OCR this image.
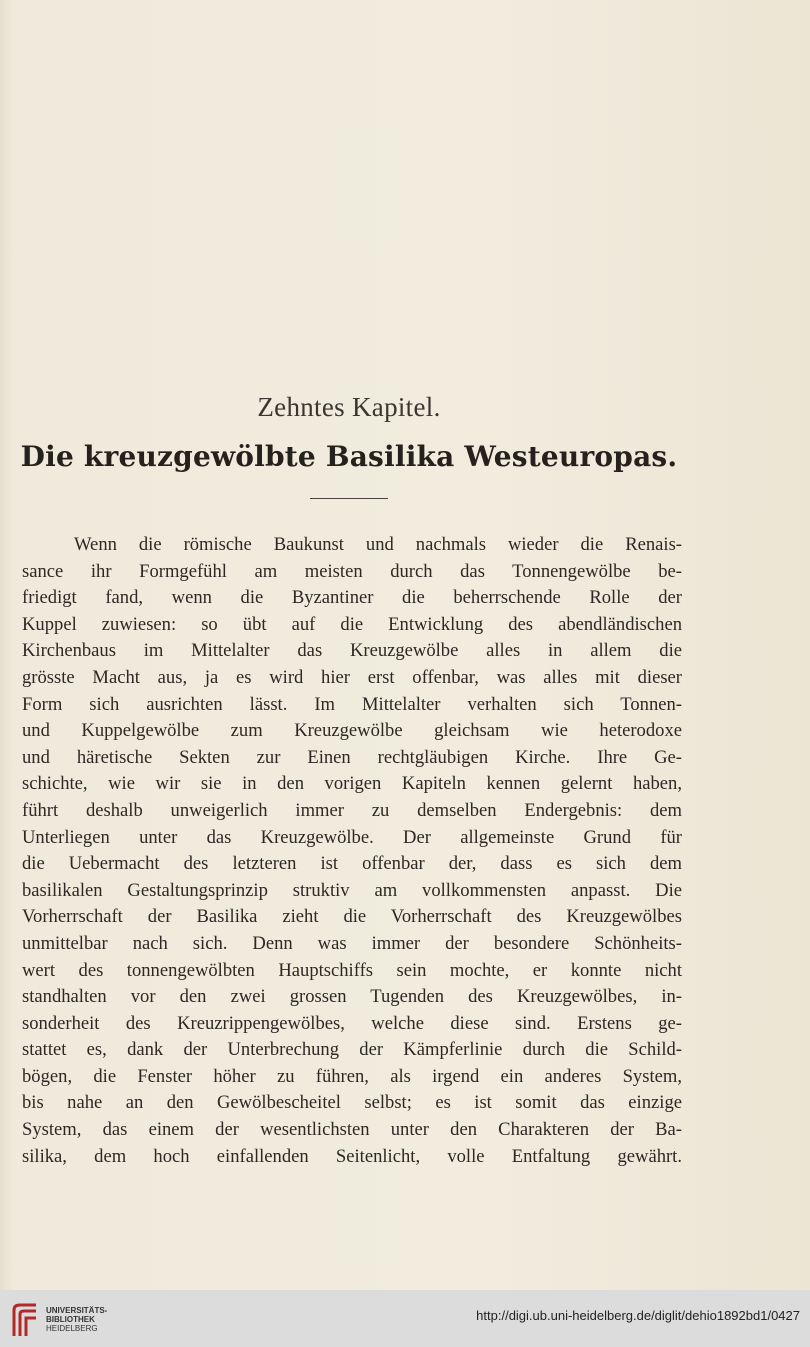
Zehntes Kapitel.
Die kreuzgewölbte Basilika Westeuropas.
Wenn die römische Baukunst und nachmals wieder die Renais-
sance ihr Formgefühl am meisten durch das Tonnengewölbe be-
friedigt fand, wenn die Byzantiner die beherrschende Rolle der
Kuppel zuwiesen: so übt auf die Entwicklung des abendländischen
Kirchenbaus im Mittelalter das Kreuzgewölbe alles in allem die
grösste Macht aus, ja es wird hier erst offenbar, was alles mit dieser
Form sich ausrichten lässt. Im Mittelalter verhalten sich Tonnen-
und Kuppelgewölbe zum Kreuzgewölbe gleichsam wie heterodoxe
und häretische Sekten zur Einen rechtgläubigen Kirche. Ihre Ge-
schichte, wie wir sie in den vorigen Kapiteln kennen gelernt haben,
führt deshalb unweigerlich immer zu demselben Endergebnis: dem
Unterliegen unter das Kreuzgewölbe. Der allgemeinste Grund für
die Uebermacht des letzteren ist offenbar der, dass es sich dem
basilikalen Gestaltungsprinzip struktiv am vollkommensten anpasst. Die
Vorherrschaft der Basilika zieht die Vorherrschaft des Kreuzgewölbes
unmittelbar nach sich. Denn was immer der besondere Schönheits-
wert des tonnengewölbten Hauptschiffs sein mochte, er konnte nicht
standhalten vor den zwei grossen Tugenden des Kreuzgewölbes, in-
sonderheit des Kreuzrippengewölbes, welche diese sind. Erstens ge-
stattet es, dank der Unterbrechung der Kämpferlinie durch die Schild-
bögen, die Fenster höher zu führen, als irgend ein anderes System,
bis nahe an den Gewölbescheitel selbst; es ist somit das einzige
System, das einem der wesentlichsten unter den Charakteren der Ba-
silika, dem hoch einfallenden Seitenlicht, volle Entfaltung gewährt.
UNIVERSITÄTS-
BIBLIOTHEK
HEIDELBERG
http://digi.ub.uni-heidelberg.de/diglit/dehio1892bd1/0427
